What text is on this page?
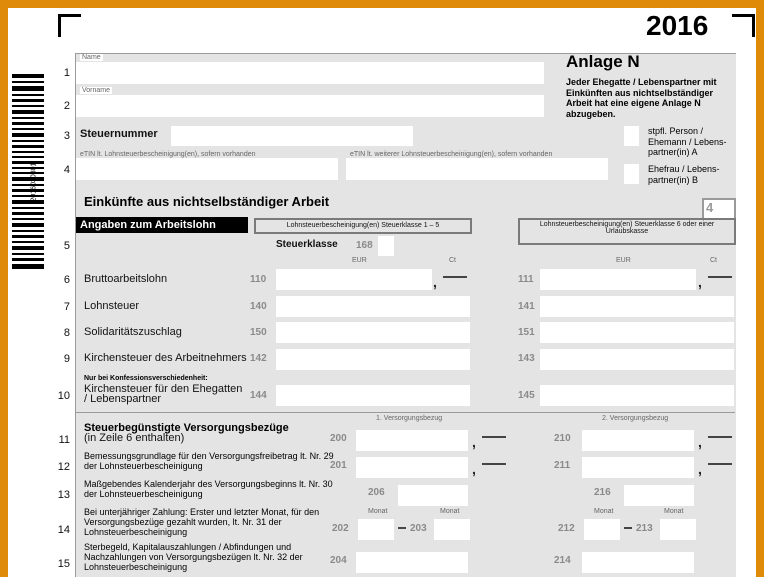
2016
2016030301
Anlage N
Jeder Ehegatte / Lebenspartner mit Einkünften aus nichtselbständiger Arbeit hat eine eigene Anlage N abzugeben.
1
Name
2
Vorname
3 Steuernummer
4
eTIN lt. Lohnsteuerbescheinigung(en), sofern vorhanden	eTIN lt. weiterer Lohnsteuerbescheinigung(en), sofern vorhanden
stpfl. Person / Ehemann / Lebens-partner(in) A
Ehefrau / Lebens-partner(in) B
Einkünfte aus nichtselbständiger Arbeit	4
Angaben zum Arbeitslohn	Lohnsteuerbescheinigung(en) Steuerklasse 1 – 5	Lohnsteuerbescheinigung(en) Steuerklasse 6 oder einer Urlaubskasse
5	Steuerklasse 168
EUR	Ct	EUR	Ct
6 Bruttoarbeitslohn	110	,	111	,
7 Lohnsteuer	140	141
8 Solidaritätszuschlag	150	151
9 Kirchensteuer des Arbeitnehmers 142	143
10
Nur bei Konfessionsverschiedenheit:
Kirchensteuer für den Ehegatten / Lebenspartner	144	145
1. Versorgungsbezug	2. Versorgungsbezug
Steuerbegünstigte Versorgungsbezüge
11 (in Zeile 6 enthalten)	200	,	210	,
12
Bemessungsgrundlage für den Versorgungsfreibetrag lt. Nr. 29 der Lohnsteuerbescheinigung	201	,	211	,
13
Maßgebendes Kalenderjahr des Versorgungsbeginns lt. Nr. 30 der Lohnsteuerbescheinigung	206	216
Monat	Monat	Monat	Monat
14
Bei unterjähriger Zahlung: Erster und letzter Monat, für den Versorgungsbezüge gezahlt wurden, lt. Nr. 31 der Lohnsteuerbescheinigung	202	203	212	213
15
Sterbegeld, Kapitalauszahlungen / Abfindungen und Nachzahlungen von Versorgungsbezügen lt. Nr. 32 der Lohnsteuerbescheinigung
204	214
